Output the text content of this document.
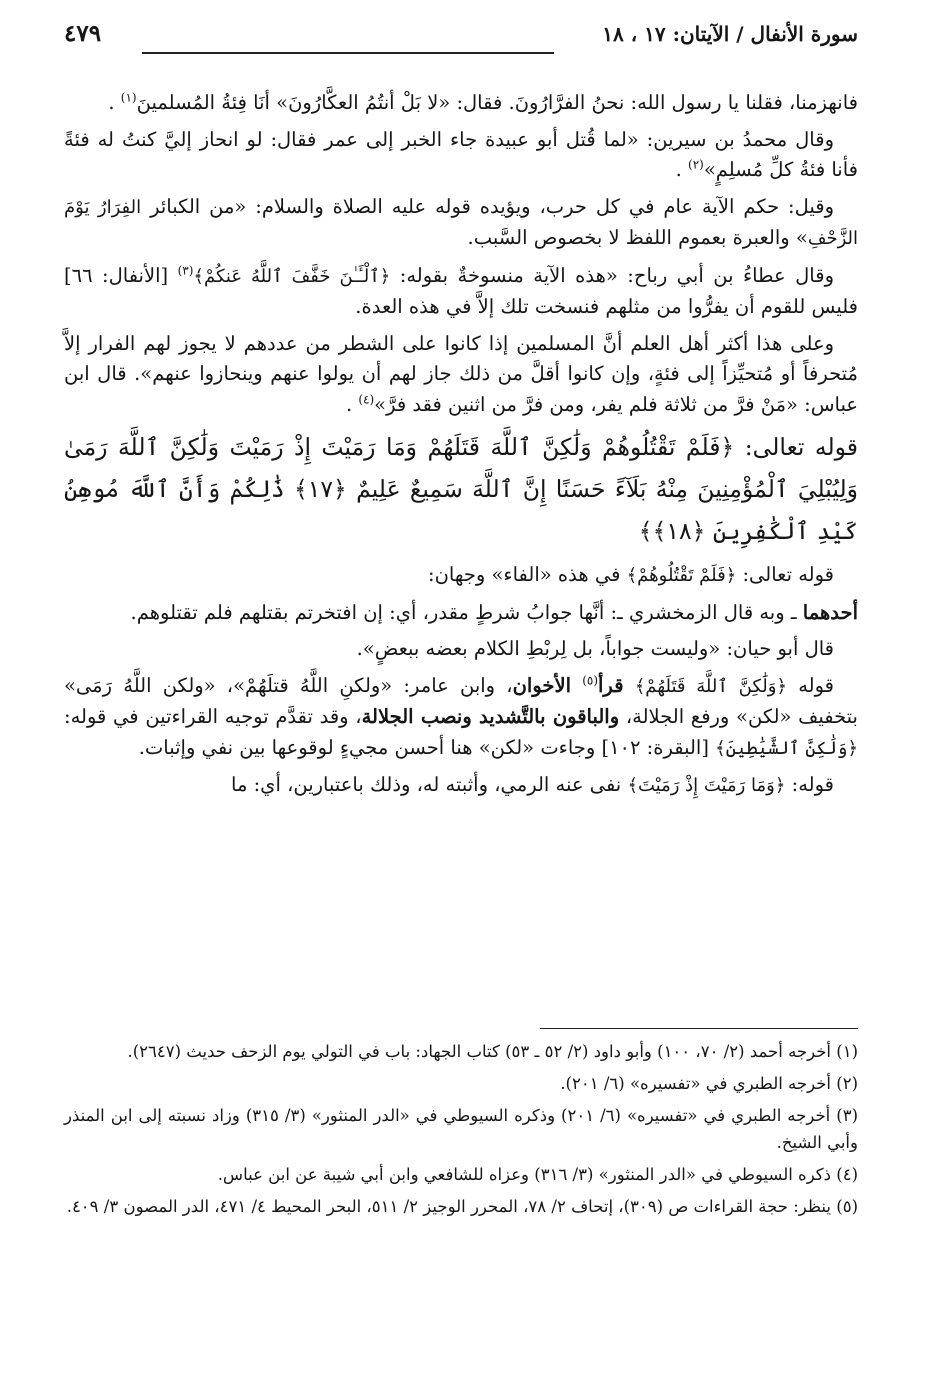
سورة الأنفال / الآيتان: ١٧ ، ١٨
٤٧٩

فانهزمنا، فقلنا يا رسول الله: نحنُ الفرَّارُونَ. فقال: «لا بَلْ أنتُمُ العكَّارُونَ» أنَا فِئةُ المُسلمينَ$^{(١)}$ .

وقال محمدُ بن سيرين: «لما قُتل أبو عبيدة جاء الخبر إلى عمر فقال: لو انحاز إليَّ كنتُ له فئةً فأنا فئةُ كلِّ مُسلِمٍ»$^{(٢)}$ .

وقيل: حكم الآية عام في كل حرب، ويؤيده قوله عليه الصلاة والسلام: «من الكبائر الفِرَارُ يَوْمَ الزَّحْفِ» والعبرة بعموم اللفظ لا بخصوص السَّبب.

وقال عطاءُ بن أبي رباح: «هذه الآية منسوخةٌ بقوله: ﴿ٱلْـَٔـٰنَ خَفَّفَ ٱللَّهُ عَنكُمْ﴾$^{(٣)}$ [الأنفال: ٦٦] فليس للقوم أن يفرُّوا من مثلهم فنسخت تلك إلاَّ في هذه العدة.

وعلى هذا أكثر أهل العلم أنَّ المسلمين إذا كانوا على الشطر من عددهم لا يجوز لهم الفرار إلاَّ مُتحرفاً أو مُتحيِّزاً إلى فئةٍ، وإن كانوا أقلَّ من ذلك جاز لهم أن يولوا عنهم وينحازوا عنهم». قال ابن عباس: «مَنْ فرَّ من ثلاثة فلم يفر، ومن فرَّ من اثنين فقد فرَّ»$^{(٤)}$ .

قوله تعالى: ﴿فَلَمْ تَقْتُلُوهُمْ وَلَٰكِنَّ ٱللَّهَ قَتَلَهُمْ وَمَا رَمَيْتَ إِذْ رَمَيْتَ وَلَٰكِنَّ ٱللَّهَ رَمَىٰ وَلِيُبْلِيَ ٱلْمُؤْمِنِينَ مِنْهُ بَلَآءً حَسَنًا إِنَّ ٱللَّهَ سَمِيعٌ عَلِيمٌ ﴿١٧﴾ ذَٰلِكُمْ وَأَنَّ ٱللَّهَ مُوهِنُ كَيْدِ ٱلْكَٰفِرِينَ ﴿١٨﴾﴾

قوله تعالى: ﴿فَلَمْ تَقْتُلُوهُمْ﴾ في هذه «الفاء» وجهان:

أحدهما ـ وبه قال الزمخشري ـ: أنَّها جوابُ شرطٍ مقدر، أي: إن افتخرتم بقتلهم فلم تقتلوهم.

قال أبو حيان: «وليست جواباً، بل لِربْطِ الكلام بعضه ببعضٍ».

قوله ﴿وَلَٰكِنَّ ٱللَّهَ قَتَلَهُمْ﴾ قرأ$^{(٥)}$ الأخوان، وابن عامر: «ولكنِ اللَّهُ قتلَهُمْ»، «ولكن اللَّهُ رَمَى» بتخفيف «لكن» ورفع الجلالة، والباقون بالتَّشديد ونصب الجلالة، وقد تقدَّم توجيه القراءتين في قوله: ﴿وَلَٰكِنَّ ٱلشَّيَٰطِينَ﴾ [البقرة: ١٠٢] وجاءت «لكن» هنا أحسن مجيءٍ لوقوعها بين نفي وإثبات.

قوله: ﴿وَمَا رَمَيْتَ إِذْ رَمَيْتَ﴾ نفى عنه الرمي، وأثبته له، وذلك باعتبارين، أي: ما

(١) أخرجه أحمد (٢/ ٧٠، ١٠٠) وأبو داود (٢/ ٥٢ ـ ٥٣) كتاب الجهاد: باب في التولي يوم الزحف حديث (٢٦٤٧).

(٢) أخرجه الطبري في «تفسيره» (٦/ ٢٠١).

(٣) أخرجه الطبري في «تفسيره» (٦/ ٢٠١) وذكره السيوطي في «الدر المنثور» (٣/ ٣١٥) وزاد نسبته إلى ابن المنذر وأبي الشيخ.

(٤) ذكره السيوطي في «الدر المنثور» (٣/ ٣١٦) وعزاه للشافعي وابن أبي شيبة عن ابن عباس.

(٥) ينظر: حجة القراءات ص (٣٠٩)، إتحاف ٢/ ٧٨، المحرر الوجيز ٢/ ٥١١، البحر المحيط ٤/ ٤٧١، الدر المصون ٣/ ٤٠٩.
